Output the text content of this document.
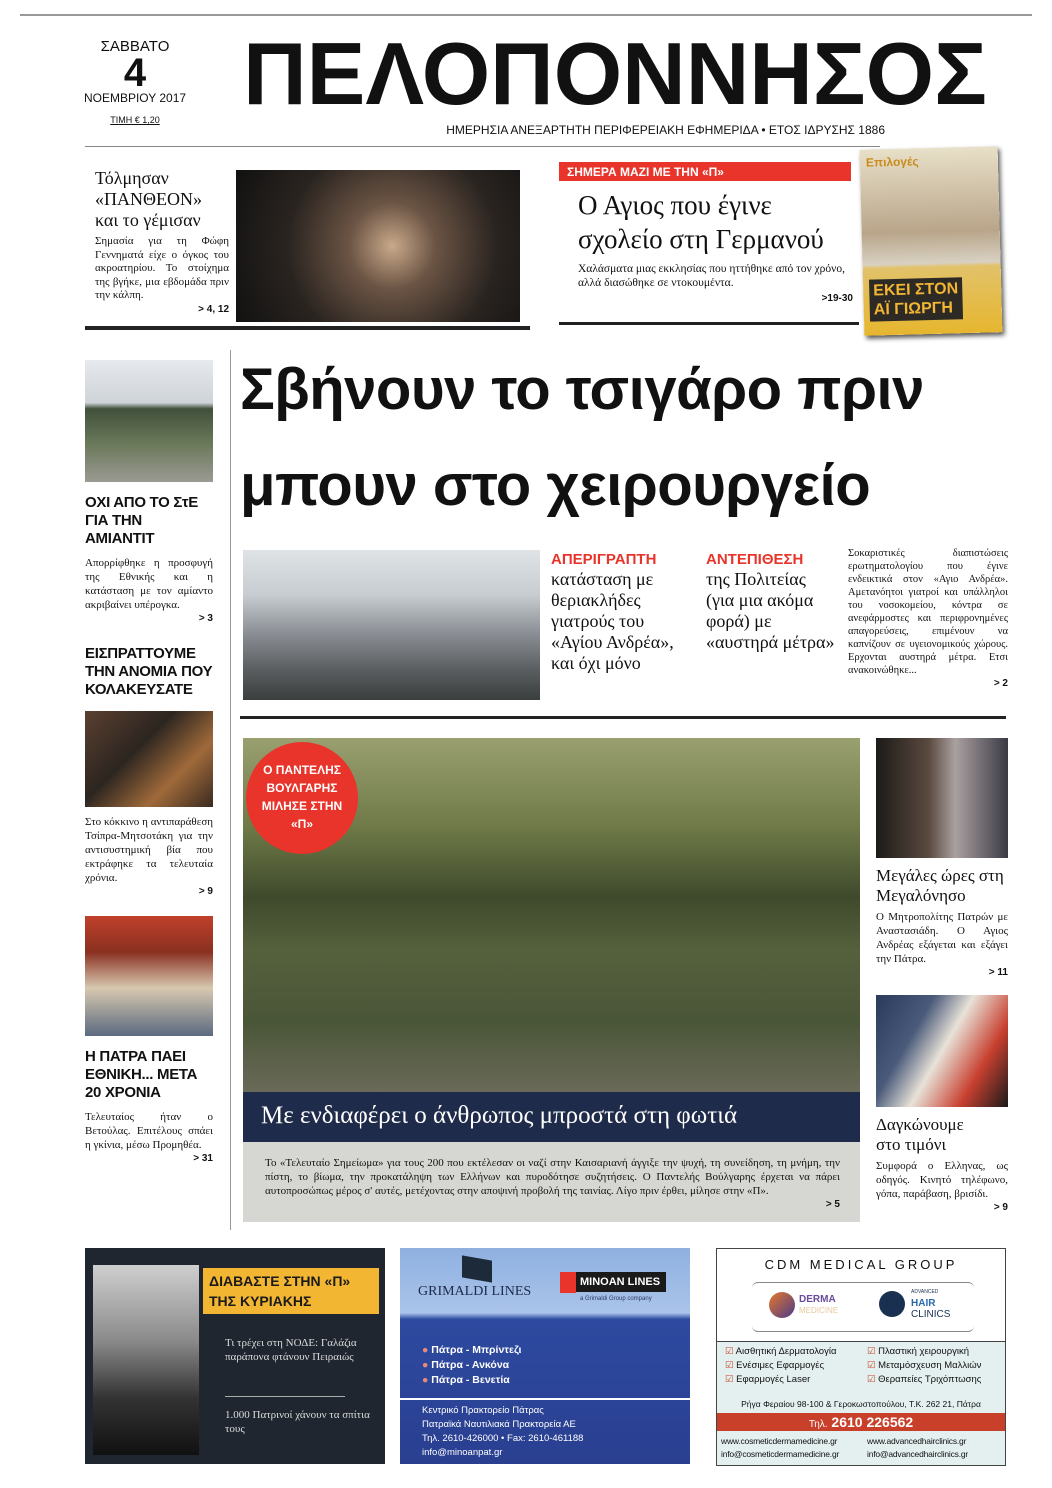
ΣΑΒΒΑΤΟ
4
ΝΟΕΜΒΡΙΟΥ 2017
ΤΙΜΗ € 1,20 ΠΕΛΟΠΟΝΝΗΣΟΣ
ΗΜΕΡΗΣΙΑ ΑΝΕΞΑΡΤΗΤΗ ΠΕΡΙΦΕΡΕΙΑΚΗ ΕΦΗΜΕΡΙΔΑ • ΕΤΟΣ ΙΔΡΥΣΗΣ 1886
Τόλμησαν
«ΠΑΝΘΕΟΝ»
και το γέμισαν
Σημασία για τη Φώφη Γεννηματά είχε ο όγκος του ακροατηρίου. Το στοίχημα της βγήκε, μια εβδομάδα πριν την κάλπη.
> 4, 12
ΣΗΜΕΡΑ ΜΑΖΙ ΜΕ ΤΗΝ «Π»
Ο Αγιος που έγινε
σχολείο στη Γερμανού
Χαλάσματα μιας εκκλησίας που ηττήθηκε από τον χρόνο, αλλά διασώθηκε σε ντοκουμέντα.
>19-30
Επιλογές
ΕΚΕΙ ΣΤΟΝ
ΑΪ ΓΙΩΡΓΗ
ΟΧΙ ΑΠΟ ΤΟ ΣτΕ ΓΙΑ ΤΗΝ ΑΜΙΑΝΤΙΤ
Απορρίφθηκε η προσφυγή της Εθνικής και η κατάσταση με τον αμίαντο ακριβαίνει υπέρογκα.
> 3
ΕΙΣΠΡΑΤΤΟΥΜΕ ΤΗΝ ΑΝΟΜΙΑ ΠΟΥ ΚΟΛΑΚΕΥΣΑΤΕ
Στο κόκκινο η αντιπαράθεση Τσίπρα-Μητσοτάκη για την αντισυστημική βία που εκτράφηκε τα τελευταία χρόνια.
> 9
Η ΠΑΤΡΑ ΠΑΕΙ ΕΘΝΙΚΗ... ΜΕΤΑ 20 ΧΡΟΝΙΑ
Τελευταίος ήταν ο Βετούλας. Επιτέλους σπάει η γκίνια, μέσω Προμηθέα.
> 31
Σβήνουν το τσιγάρο πριν
μπουν στο χειρουργείο
ΑΠΕΡΙΓΡΑΠΤΗ
κατάσταση με θεριακλήδες γιατρούς του «Αγίου Ανδρέα», και όχι μόνο
ΑΝΤΕΠΙΘΕΣΗ
της Πολιτείας (για μια ακόμα φορά) με «αυστηρά μέτρα»
Σοκαριστικές διαπιστώσεις ερωτηματολογίου που έγινε ενδεικτικά στον «Αγιο Ανδρέα». Αμετανόητοι γιατροί και υπάλληλοι του νοσοκομείου, κόντρα σε ανεφάρμοστες και περιφρονημένες απαγορεύσεις, επιμένουν να καπνίζουν σε υγειονομικούς χώρους. Ερχονται αυστηρά μέτρα. Ετσι ανακοινώθηκε...
> 2
Ο ΠΑΝΤΕΛΗΣ ΒΟΥΛΓΑΡΗΣ ΜΙΛΗΣΕ ΣΤΗΝ «Π»
Με ενδιαφέρει ο άνθρωπος μπροστά στη φωτιά
Το «Τελευταίο Σημείωμα» για τους 200 που εκτέλεσαν οι ναζί στην Καισαριανή άγγιξε την ψυχή, τη συνείδηση, τη μνήμη, την πίστη, το βίωμα, την προκατάληψη των Ελλήνων και πυροδότησε συζητήσεις. Ο Παντελής Βούλγαρης έρχεται να πάρει αυτοπροσώπως μέρος σ' αυτές, μετέχοντας στην αποψινή προβολή της ταινίας. Λίγο πριν έρθει, μίλησε στην «Π».
> 5
Μεγάλες ώρες στη Μεγαλόνησο
Ο Μητροπολίτης Πατρών με Αναστασιάδη. Ο Αγιος Ανδρέας εξάγεται και εξάγει την Πάτρα.
> 11
Δαγκώνουμε στο τιμόνι
Συμφορά ο Ελληνας, ως οδηγός. Κινητό τηλέφωνο, γόπα, παράβαση, βρισίδι.
> 9
ΔΙΑΒΑΣΤΕ ΣΤΗΝ «Π»
ΤΗΣ ΚΥΡΙΑΚΗΣ
Τι τρέχει στη ΝΟΔΕ: Γαλάζια παράπονα φτάνουν Πειραιώς
1.000 Πατρινοί χάνουν τα σπίτια τους
GRIMALDI LINES
MINOAN LINES
a Grimaldi Group company
● Πάτρα - Μπρίντεζι
● Πάτρα - Ανκόνα
● Πάτρα - Βενετία
Κεντρικό Πρακτορείο Πάτρας
Πατραϊκά Ναυτιλιακά Πρακτορεία ΑΕ
Τηλ. 2610-426000 • Fax: 2610-461188
info@minoanpat.gr
CDM MEDICAL GROUP
DERMA
MEDICINE
ADVANCED
HAIR
CLINICS
☑ Αισθητική Δερματολογία	☑ Πλαστική χειρουργική
☑ Ενέσιμες Εφαρμογές	☑ Μεταμόσχευση Μαλλιών
☑ Εφαρμογές Laser	☑ Θεραπείες Τριχόπτωσης
Ρήγα Φεραίου 98-100 & Γεροκωστοπούλου, Τ.Κ. 262 21, Πάτρα
Τηλ. 2610 226562
www.cosmeticdermamedicine.gr	www.advancedhairclinics.gr
info@cosmeticdermamedicine.gr	info@advancedhairclinics.gr
